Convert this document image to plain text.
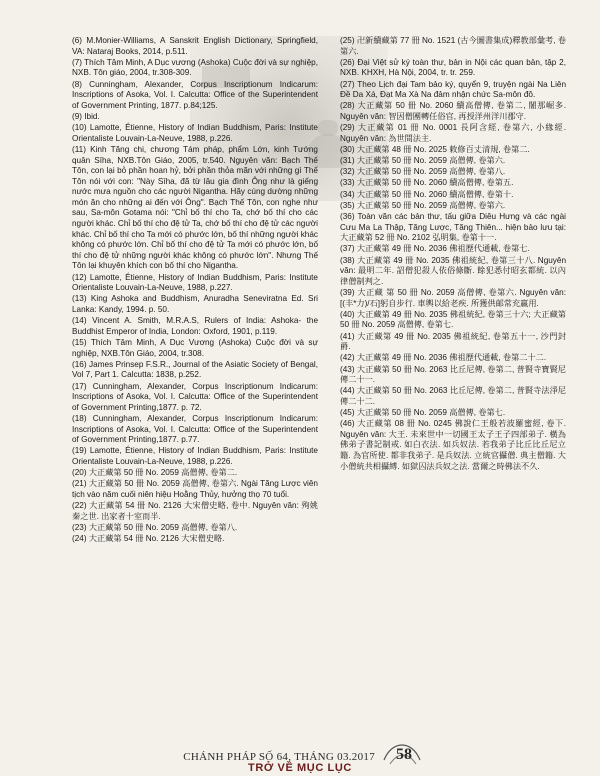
(6) M.Monier-Williams, A Sanskrit English Dictionary, Springfield, VA: Nataraj Books, 2014, p.511.

(7) Thích Tâm Minh, A Dục vương (Ashoka) Cuộc đời và sự nghiệp, NXB. Tôn giáo, 2004, tr.308-309.

(8) Cunningham, Alexander, Corpus Inscriptionum Indicarum: Inscriptions of Asoka, Vol. I. Calcutta: Office of the Superintendent of Government Printing, 1877. p.84;125.

(9) Ibid.

(10) Lamotte, Étienne, History of Indian Buddhism, Paris: Institute Orientaliste Louvain-La-Neuve, 1988, p.226.

(11) Kinh Tăng chi, chương Tám pháp, phẩm Lớn, kinh Tướng quân Sīha, NXB.Tôn Giáo, 2005, tr.540. Nguyên văn: Bạch Thế Tôn, con lại bỏ phần hoan hỷ, bởi phần thỏa mãn với những gì Thế Tôn nói với con: "Này Sīha, đã từ lâu gia đình Ông như là giếng nước mưa nguồn cho các người Nigantha. Hãy cúng dường những món ăn cho những ai đến với Ông". Bạch Thế Tôn, con nghe như sau, Sa-môn Gotama nói: "Chỉ bố thí cho Ta, chớ bố thí cho các người khác. Chỉ bố thí cho đệ tử Ta, chớ bố thí cho đệ tử các người khác. Chỉ bố thí cho Ta mới có phước lớn, bố thí những người khác không có phước lớn. Chỉ bố thí cho đệ tử Ta mới có phước lớn, bố thí cho đệ tử những người khác không có phước lớn". Nhưng Thế Tôn lại khuyên khích con bố thí cho Nigantha.

(12) Lamotte, Étienne, History of Indian Buddhism, Paris: Institute Orientaliste Louvain-La-Neuve, 1988, p.227.

(13) King Ashoka and Buddhism, Anuradha Seneviratna Ed. Sri Lanka: Kandy, 1994. p. 50.

(14) Vincent A. Smith, M.R.A.S, Rulers of India: Ashoka- the Buddhist Emperor of India, London: Oxford, 1901, p.119.

(15) Thích Tâm Minh, A Dục Vương (Ashoka) Cuộc đời và sự nghiệp, NXB.Tôn Giáo, 2004, tr.308.

(16) James Prinsep F.S.R., Journal of the Asiatic Society of Bengal, Vol 7, Part 1. Calcutta: 1838, p.252.

(17) Cunningham, Alexander, Corpus Inscriptionum Indicarum: Inscriptions of Asoka, Vol. I. Calcutta: Office of the Superintendent of Government Printing,1877. p. 72.

(18) Cunningham, Alexander, Corpus Inscriptionum Indicarum: Inscriptions of Asoka, Vol. I. Calcutta: Office of the Superintendent of Government Printing,1877. p.77.

(19) Lamotte, Étienne, History of Indian Buddhism, Paris: Institute Orientaliste Louvain-La-Neuve, 1988, p.226.

(20) 大正藏第 50 冊 No. 2059 高僧傳, 卷第二.

(21) 大正藏第 50 冊 No. 2059 高僧傳, 卷第六. Ngài Tăng Lược viên tịch vào năm cuối niên hiệu Hoằng Thủy, hưởng thọ 70 tuổi.

(22) 大正藏第 54 冊 No. 2126 大宋僧史略, 卷中. Nguyên văn: 殉姚秦之世. 出家者十室而半.

(23) 大正藏第 50 冊 No. 2059 高僧傳, 卷第八.

(24) 大正藏第 54 冊 No. 2126 大宋僧史略.

(25) 卍新續藏第 77 冊 No. 1521 (古今圖書集成)釋教部彙考, 卷第六.

(26) Đại Việt sử ký toàn thư, bản in Nội các quan bản, tập 2, NXB. KHXH, Hà Nội, 2004, tr. tr. 259.

(27) Theo Lịch đại Tam bảo ký, quyển 9, truyện ngài Na Liên Đề Da Xá, Đạt Ma Xà Na đảm nhận chức Sa-môn đô.

(28) 大正藏第 50 冊 No. 2060 續高僧傳, 卷第二, 闍那崛多. Nguyên văn: 智因僧團轉任俗官, 再授洋州洋川郡守.

(29) 大正藏第 01 冊 No. 0001 長阿含經, 卷第六, 小緣經. Nguyên văn: 為世間法主.

(30) 大正藏第 48 冊 No. 2025 敕修百丈清規, 卷第二.

(31) 大正藏第 50 冊 No. 2059 高僧傳, 卷第六.

(32) 大正藏第 50 冊 No. 2059 高僧傳, 卷第八.

(33) 大正藏第 50 冊 No. 2060 續高僧傳, 卷第五.

(34) 大正藏第 50 冊 No. 2060 續高僧傳, 卷第十.

(35) 大正藏第 50 冊 No. 2059 高僧傳, 卷第六.

(36) Toàn văn các bản thư, tấu giữa Diêu Hưng và các ngài Cưu Ma La Thập, Tăng Lược, Tăng Thiên... hiện bảo lưu tại: 大正藏第 52 冊 No. 2102 弘明集, 卷第十一.

(37) 大正藏第 49 冊 No. 2036 佛祖歷代通載, 卷第七.

(38) 大正藏第 49 冊 No. 2035 佛祖統紀, 卷第三十八. Nguyên văn: 最明二年. 詔僧犯殺人依俗條斷. 餘犯悉付昭玄都統. 以內律僧制判之.

(39) 大正藏 第 50 冊 No. 2059 高僧傳, 卷第六. Nguyên văn: [(丰*力)/石]躬自步行. 車輿以給老疾. 所獲供邮常充羸用.

(40) 大正藏第 49 冊 No. 2035 佛祖統紀, 卷第三十六; 大正藏第 50 冊 No. 2059 高僧傳, 卷第七.

(41) 大正藏第 49 冊 No. 2035 佛祖統紀, 卷第五十一, 沙門封爵.

(42) 大正藏第 49 冊 No. 2036 佛祖歷代通載, 卷第二十二.

(43) 大正藏第 50 冊 No. 2063 比丘尼傳, 卷第二, 普賢寺寶賢尼傳二十一.

(44) 大正藏第 50 冊 No. 2063 比丘尼傳, 卷第二, 普賢寺法淨尼傳二十二.

(45) 大正藏第 50 冊 No. 2059 高僧傳, 卷第七.

(46) 大正藏第 08 冊 No. 0245 佛說仁王般若波羅蜜經, 卷下. Nguyên văn: 大王. 未來世中一切國王太子王子四部弟子. 橫為佛弟子書記制戒. 如白衣法. 如兵奴法. 若我弟子比丘比丘尼立籍. 為官所使. 都非我弟子. 是兵奴法. 立統官攝僧. 典主僧籍. 大小僧統共相攝縛. 如獄囚法兵奴之法. 當爾之時佛法不久.

CHÁNH PHÁP SỐ 64, THÁNG 03.2017 58
TRỞ VỀ MỤC LỤC
